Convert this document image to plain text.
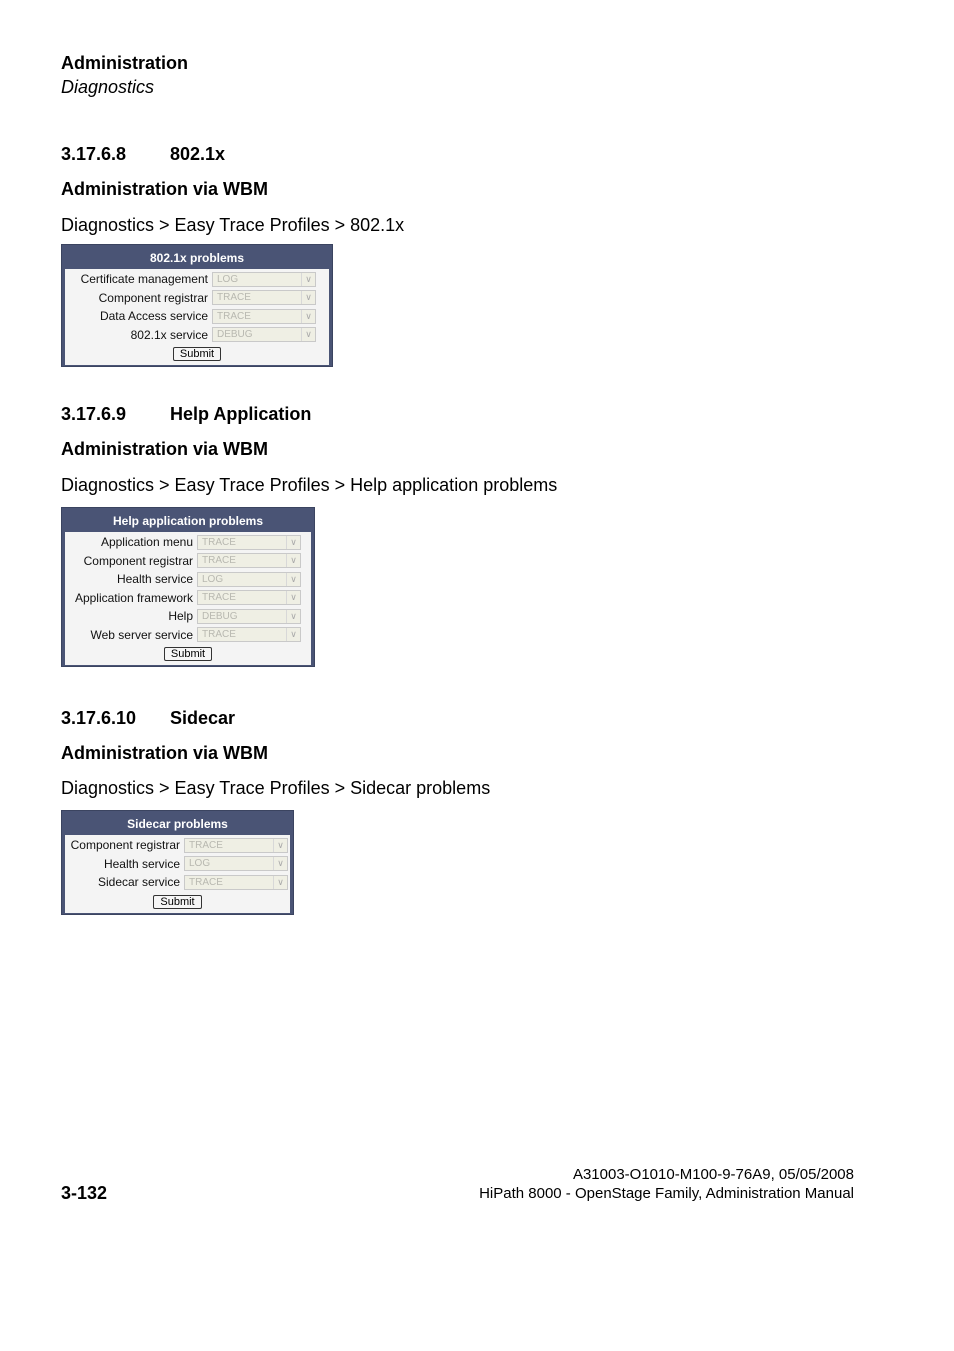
Administration
Diagnostics
3.17.6.8 802.1x
Administration via WBM
Diagnostics > Easy Trace Profiles > 802.1x
802.1x problems
Certificate management LOG	∨
Component registrar TRACE	∨
Data Access service TRACE	∨
802.1x service DEBUG	∨
Submit
3.17.6.9 Help Application
Administration via WBM
Diagnostics > Easy Trace Profiles > Help application problems
Help application problems
Application menu TRACE	∨
Component registrar TRACE	∨
Health service LOG	∨
Application framework TRACE	∨
Help DEBUG	∨
Web server service TRACE	∨
Submit
3.17.6.10 Sidecar
Administration via WBM
Diagnostics > Easy Trace Profiles > Sidecar problems
Sidecar problems
Component registrar TRACE	∨
Health service LOG	∨
Sidecar service TRACE	∨
Submit
A31003-O1010-M100-9-76A9, 05/05/2008
HiPath 8000 - OpenStage Family, Administration Manual
3-132
